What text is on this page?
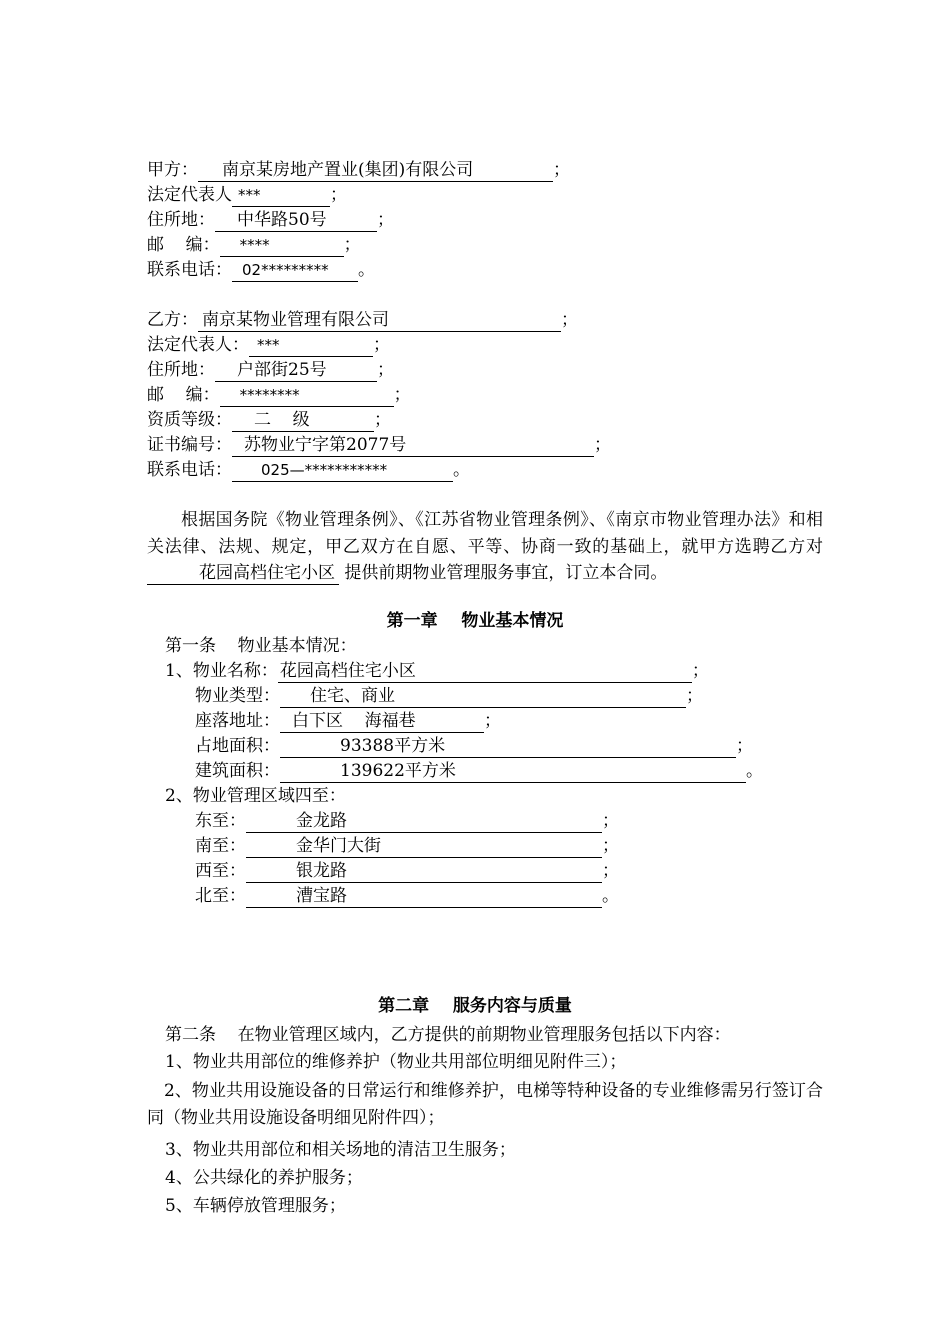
甲方： 南京某房地产置业(集团)有限公司	；
法定代表人 ***	；
住所地： 中华路50号	；
邮    编： ****	；
联系电话： 02********* 。
乙方： 南京某物业管理有限公司	；
法定代表人： ***	；
住所地： 户部街25号	；
邮    编： ********	；
资质等级： 二    级	；
证书编号： 苏物业宁字第2077号	；
联系电话： 025—***********	。
根据国务院《物业管理条例》、《江苏省物业管理条例》、《南京市物业管理办法》和相关法律、法规、规定，甲乙双方在自愿、平等、协商一致的基础上，就甲方选聘乙方对花园高档住宅小区 提供前期物业管理服务事宜，订立本合同。
第一章    物业基本情况
第一条    物业基本情况：
1、物业名称： 花园高档住宅小区	；
物业类型： 住宅、商业	；
座落地址： 白下区    海福巷	；
占地面积：	93388平方米	；
建筑面积：	139622平方米	。
2、物业管理区域四至：
东至：	金龙路	；
南至：	金华门大街	；
西至：	银龙路	；
北至：	漕宝路	。
第二章    服务内容与质量
第二条    在物业管理区域内，乙方提供的前期物业管理服务包括以下内容：
1、物业共用部位的维修养护（物业共用部位明细见附件三）；
2、物业共用设施设备的日常运行和维修养护，电梯等特种设备的专业维修需另行签订合同（物业共用设施设备明细见附件四）；
3、物业共用部位和相关场地的清洁卫生服务；
4、公共绿化的养护服务；
5、车辆停放管理服务；
